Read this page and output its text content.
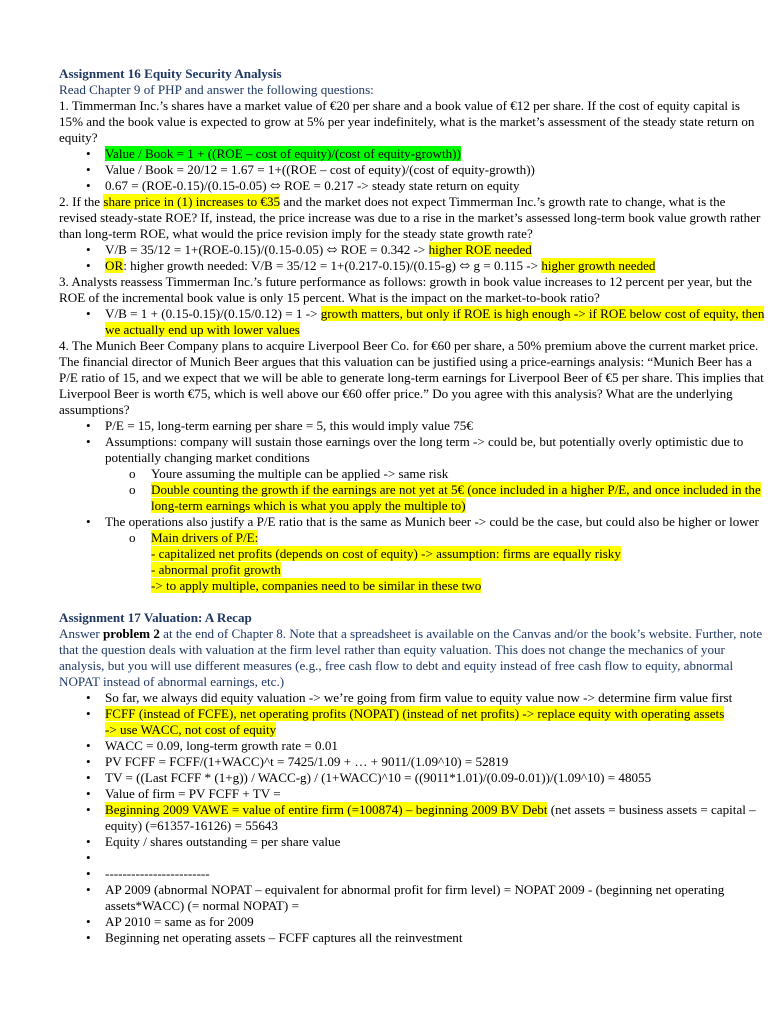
Assignment 16 Equity Security Analysis

Read Chapter 9 of PHP and answer the following questions:

1. Timmerman Inc.’s shares have a market value of €20 per share and a book value of €12 per share. If the cost of equity capital is 15% and the book value is expected to grow at 5% per year indefinitely, what is the market’s assessment of the steady state return on equity?

• Value / Book = 1 + ((ROE – cost of equity)/(cost of equity-growth))
• Value / Book = 20/12 = 1.67 = 1+((ROE – cost of equity)/(cost of equity-growth))
• 0.67 = (ROE-0.15)/(0.15-0.05) ⬄ ROE = 0.217 -> steady state return on equity

2. If the share price in (1) increases to €35 and the market does not expect Timmerman Inc.’s growth rate to change, what is the revised steady-state ROE? If, instead, the price increase was due to a rise in the market’s assessed long-term book value growth rather than long-term ROE, what would the price revision imply for the steady state growth rate?

• V/B = 35/12 = 1+(ROE-0.15)/(0.15-0.05) ⬄ ROE = 0.342 -> higher ROE needed
• OR: higher growth needed: V/B = 35/12 = 1+(0.217-0.15)/(0.15-g) ⬄ g = 0.115 -> higher growth needed

3. Analysts reassess Timmerman Inc.’s future performance as follows: growth in book value increases to 12 percent per year, but the ROE of the incremental book value is only 15 percent. What is the impact on the market-to-book ratio?

• V/B = 1 + (0.15-0.15)/(0.15/0.12) = 1 -> growth matters, but only if ROE is high enough -> if ROE below cost of equity, then we actually end up with lower values

4. The Munich Beer Company plans to acquire Liverpool Beer Co. for €60 per share, a 50% premium above the current market price. The financial director of Munich Beer argues that this valuation can be justified using a price-earnings analysis: “Munich Beer has a P/E ratio of 15, and we expect that we will be able to generate long-term earnings for Liverpool Beer of €5 per share. This implies that Liverpool Beer is worth €75, which is well above our €60 offer price.” Do you agree with this analysis? What are the underlying assumptions?

• P/E = 15, long-term earning per share = 5, this would imply value 75€
• Assumptions: company will sustain those earnings over the long term -> could be, but potentially overly optimistic due to potentially changing market conditions
o Youre assuming the multiple can be applied -> same risk
o Double counting the growth if the earnings are not yet at 5€ (once included in a higher P/E, and once included in the long-term earnings which is what you apply the multiple to)
• The operations also justify a P/E ratio that is the same as Munich beer -> could be the case, but could also be higher or lower
o Main drivers of P/E:
- capitalized net profits (depends on cost of equity) -> assumption: firms are equally risky
- abnormal profit growth
-> to apply multiple, companies need to be similar in these two

Assignment 17 Valuation: A Recap

Answer problem 2 at the end of Chapter 8. Note that a spreadsheet is available on the Canvas and/or the book’s website. Further, note that the question deals with valuation at the firm level rather than equity valuation. This does not change the mechanics of your analysis, but you will use different measures (e.g., free cash flow to debt and equity instead of free cash flow to equity, abnormal NOPAT instead of abnormal earnings, etc.)

• So far, we always did equity valuation -> we’re going from firm value to equity value now -> determine firm value first
• FCFF (instead of FCFE), net operating profits (NOPAT) (instead of net profits) -> replace equity with operating assets
-> use WACC, not cost of equity
• WACC = 0.09, long-term growth rate = 0.01
• PV FCFF = FCFF/(1+WACC)^t = 7425/1.09 + … + 9011/(1.09^10) = 52819
• TV = ((Last FCFF * (1+g)) / WACC-g) / (1+WACC)^10 = ((9011*1.01)/(0.09-0.01))/(1.09^10) = 48055
• Value of firm = PV FCFF + TV =
• Beginning 2009 VAWE = value of entire firm (=100874) – beginning 2009 BV Debt (net assets = business assets = capital – equity) (=61357-16126) = 55643
• Equity / shares outstanding = per share value
•
• ------------------------
• AP 2009 (abnormal NOPAT – equivalent for abnormal profit for firm level) = NOPAT 2009 - (beginning net operating assets*WACC) (= normal NOPAT) =
• AP 2010 = same as for 2009
• Beginning net operating assets – FCFF captures all the reinvestment
